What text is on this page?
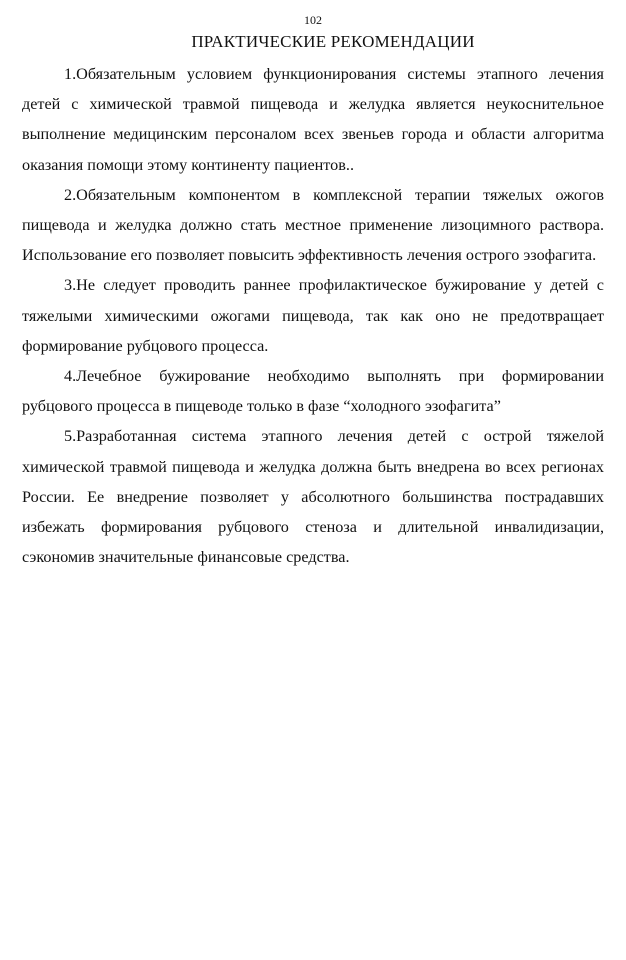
102
ПРАКТИЧЕСКИЕ РЕКОМЕНДАЦИИ

1.Обязательным условием функционирования системы этапного лечения детей с химической травмой пищевода и желудка является неукоснительное выполнение медицинским персоналом всех звеньев города и области алгоритма оказания помощи этому континенту пациентов..

2.Обязательным компонентом в комплексной терапии тяжелых ожогов пищевода и желудка должно стать местное применение лизоцимного раствора. Использование его позволяет повысить эффективность лечения острого эзофагита.

3.Не следует проводить раннее профилактическое бужирование у детей с тяжелыми химическими ожогами пищевода, так как оно не предотвращает формирование рубцового процесса.

4.Лечебное бужирование необходимо выполнять при формировании рубцового процесса в пищеводе только в фазе “холодного эзофагита”

5.Разработанная система этапного лечения детей с острой тяжелой химической травмой пищевода и желудка должна быть внедрена во всех регионах России. Ее внедрение позволяет у абсолютного большинства пострадавших избежать формирования рубцового стеноза и длительной инвалидизации, сэкономив значительные финансовые средства.
